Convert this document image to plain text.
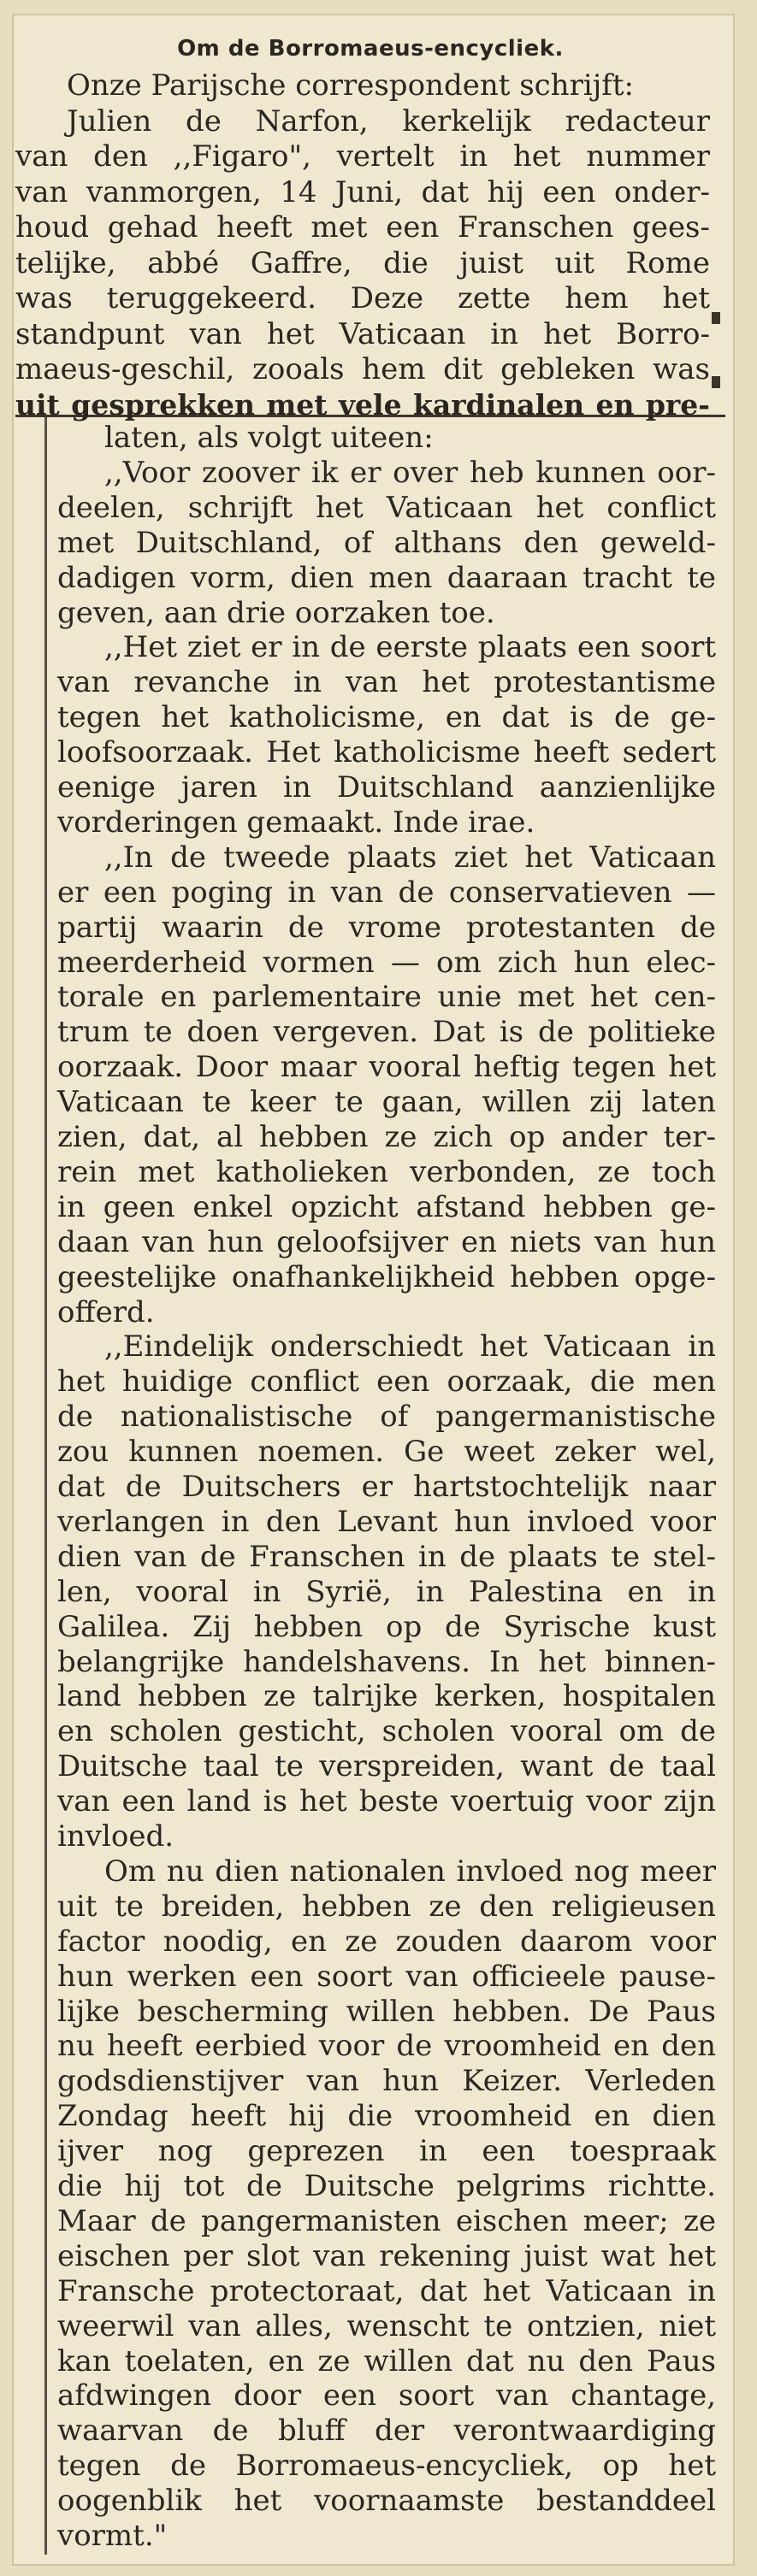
Om de Borromaeus-encycliek.
Onze Parijsche correspondent schrijft:
Julien de Narfon, kerkelijk redacteur
van den ,,Figaro", vertelt in het nummer
van vanmorgen, 14 Juni, dat hij een onder-
houd gehad heeft met een Franschen gees-
telijke, abbé Gaffre, die juist uit Rome
was teruggekeerd. Deze zette hem het
standpunt van het Vaticaan in het Borro-
maeus-geschil, zooals hem dit gebleken was
uit gesprekken met vele kardinalen en pre-
laten, als volgt uiteen:
,,Voor zoover ik er over heb kunnen oor-
deelen, schrijft het Vaticaan het conflict
met Duitschland, of althans den geweld-
dadigen vorm, dien men daaraan tracht te
geven, aan drie oorzaken toe.
,,Het ziet er in de eerste plaats een soort
van revanche in van het protestantisme
tegen het katholicisme, en dat is de ge-
loofsoorzaak. Het katholicisme heeft sedert
eenige jaren in Duitschland aanzienlijke
vorderingen gemaakt. Inde irae.
,,In de tweede plaats ziet het Vaticaan
er een poging in van de conservatieven —
partij waarin de vrome protestanten de
meerderheid vormen — om zich hun elec-
torale en parlementaire unie met het cen-
trum te doen vergeven. Dat is de politieke
oorzaak. Door maar vooral heftig tegen het
Vaticaan te keer te gaan, willen zij laten
zien, dat, al hebben ze zich op ander ter-
rein met katholieken verbonden, ze toch
in geen enkel opzicht afstand hebben ge-
daan van hun geloofsijver en niets van hun
geestelijke onafhankelijkheid hebben opge-
offerd.
,,Eindelijk onderschiedt het Vaticaan in
het huidige conflict een oorzaak, die men
de nationalistische of pangermanistische
zou kunnen noemen. Ge weet zeker wel,
dat de Duitschers er hartstochtelijk naar
verlangen in den Levant hun invloed voor
dien van de Franschen in de plaats te stel-
len, vooral in Syrië, in Palestina en in
Galilea. Zij hebben op de Syrische kust
belangrijke handelshavens. In het binnen-
land hebben ze talrijke kerken, hospitalen
en scholen gesticht, scholen vooral om de
Duitsche taal te verspreiden, want de taal
van een land is het beste voertuig voor zijn
invloed.
Om nu dien nationalen invloed nog meer
uit te breiden, hebben ze den religieusen
factor noodig, en ze zouden daarom voor
hun werken een soort van officieele pause-
lijke bescherming willen hebben. De Paus
nu heeft eerbied voor de vroomheid en den
godsdienstijver van hun Keizer. Verleden
Zondag heeft hij die vroomheid en dien
ijver nog geprezen in een toespraak
die hij tot de Duitsche pelgrims richtte.
Maar de pangermanisten eischen meer; ze
eischen per slot van rekening juist wat het
Fransche protectoraat, dat het Vaticaan in
weerwil van alles, wenscht te ontzien, niet
kan toelaten, en ze willen dat nu den Paus
afdwingen door een soort van chantage,
waarvan de bluff der verontwaardiging
tegen de Borromaeus-encycliek, op het
oogenblik het voornaamste bestanddeel
vormt."
